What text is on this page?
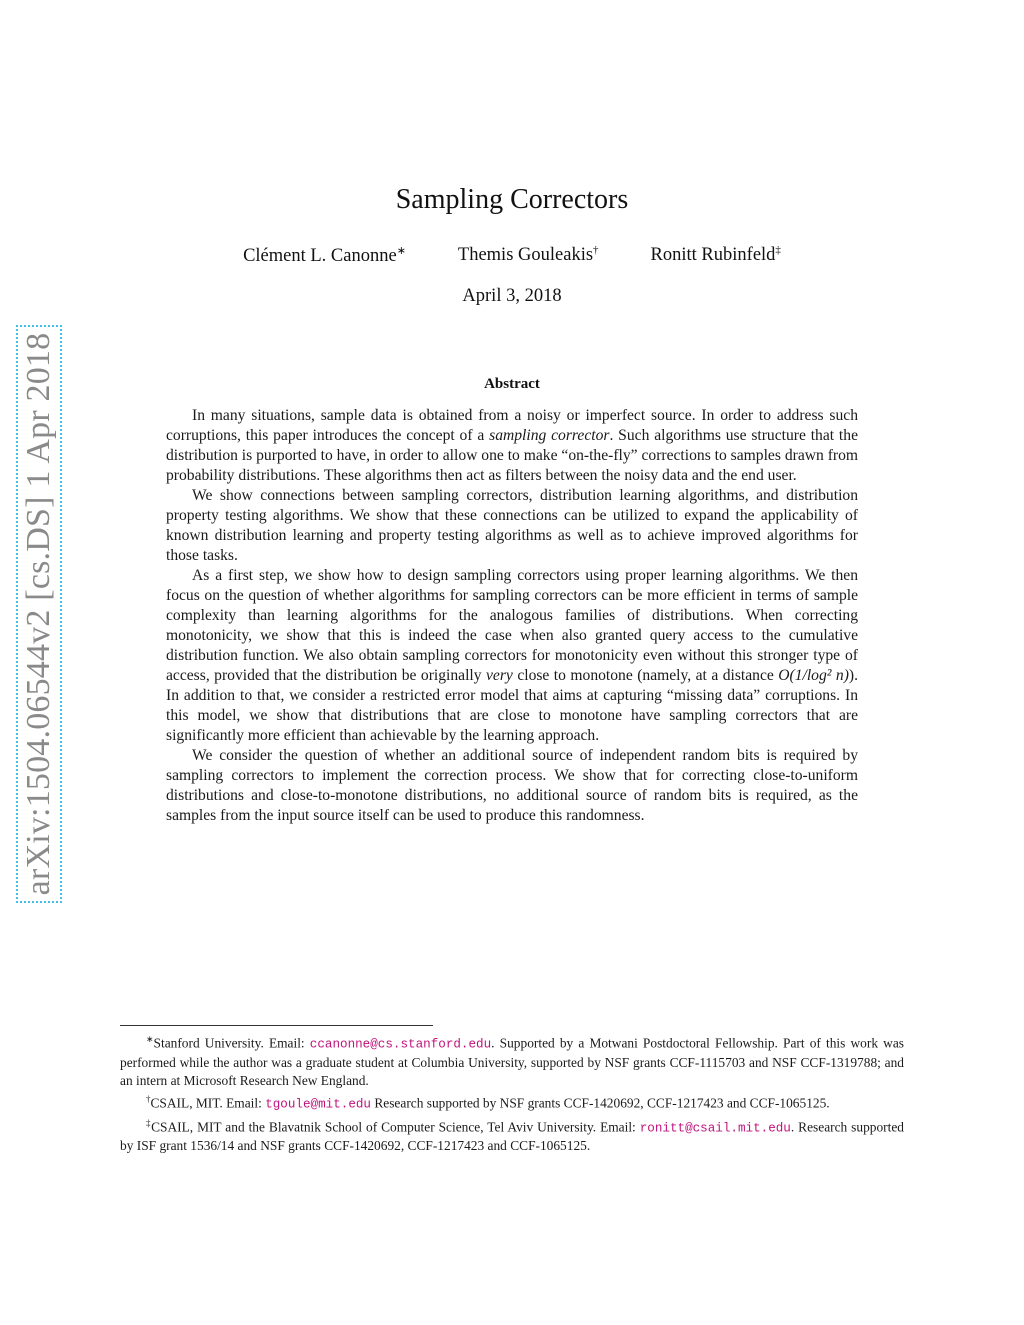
arXiv:1504.06544v2 [cs.DS] 1 Apr 2018
Sampling Correctors
Clément L. Canonne∗	Themis Gouleakis†	Ronitt Rubinfeld‡
April 3, 2018
Abstract

In many situations, sample data is obtained from a noisy or imperfect source. In order to address such corruptions, this paper introduces the concept of a sampling corrector. Such algorithms use structure that the distribution is purported to have, in order to allow one to make “on-the-fly” corrections to samples drawn from probability distributions. These algorithms then act as filters between the noisy data and the end user.

We show connections between sampling correctors, distribution learning algorithms, and distribution property testing algorithms. We show that these connections can be utilized to expand the applicability of known distribution learning and property testing algorithms as well as to achieve improved algorithms for those tasks.

As a first step, we show how to design sampling correctors using proper learning algorithms. We then focus on the question of whether algorithms for sampling correctors can be more efficient in terms of sample complexity than learning algorithms for the analogous families of distributions. When correcting monotonicity, we show that this is indeed the case when also granted query access to the cumulative distribution function. We also obtain sampling correctors for monotonicity even without this stronger type of access, provided that the distribution be originally very close to monotone (namely, at a distance O(1/log² n)). In addition to that, we consider a restricted error model that aims at capturing “missing data” corruptions. In this model, we show that distributions that are close to monotone have sampling correctors that are significantly more efficient than achievable by the learning approach.

We consider the question of whether an additional source of independent random bits is required by sampling correctors to implement the correction process. We show that for correcting close-to-uniform distributions and close-to-monotone distributions, no additional source of random bits is required, as the samples from the input source itself can be used to produce this randomness.

∗Stanford University. Email: ccanonne@cs.stanford.edu. Supported by a Motwani Postdoctoral Fellowship. Part of this work was performed while the author was a graduate student at Columbia University, supported by NSF grants CCF-1115703 and NSF CCF-1319788; and an intern at Microsoft Research New England.

†CSAIL, MIT. Email: tgoule@mit.edu Research supported by NSF grants CCF-1420692, CCF-1217423 and CCF-1065125.

‡CSAIL, MIT and the Blavatnik School of Computer Science, Tel Aviv University. Email: ronitt@csail.mit.edu. Research supported by ISF grant 1536/14 and NSF grants CCF-1420692, CCF-1217423 and CCF-1065125.
